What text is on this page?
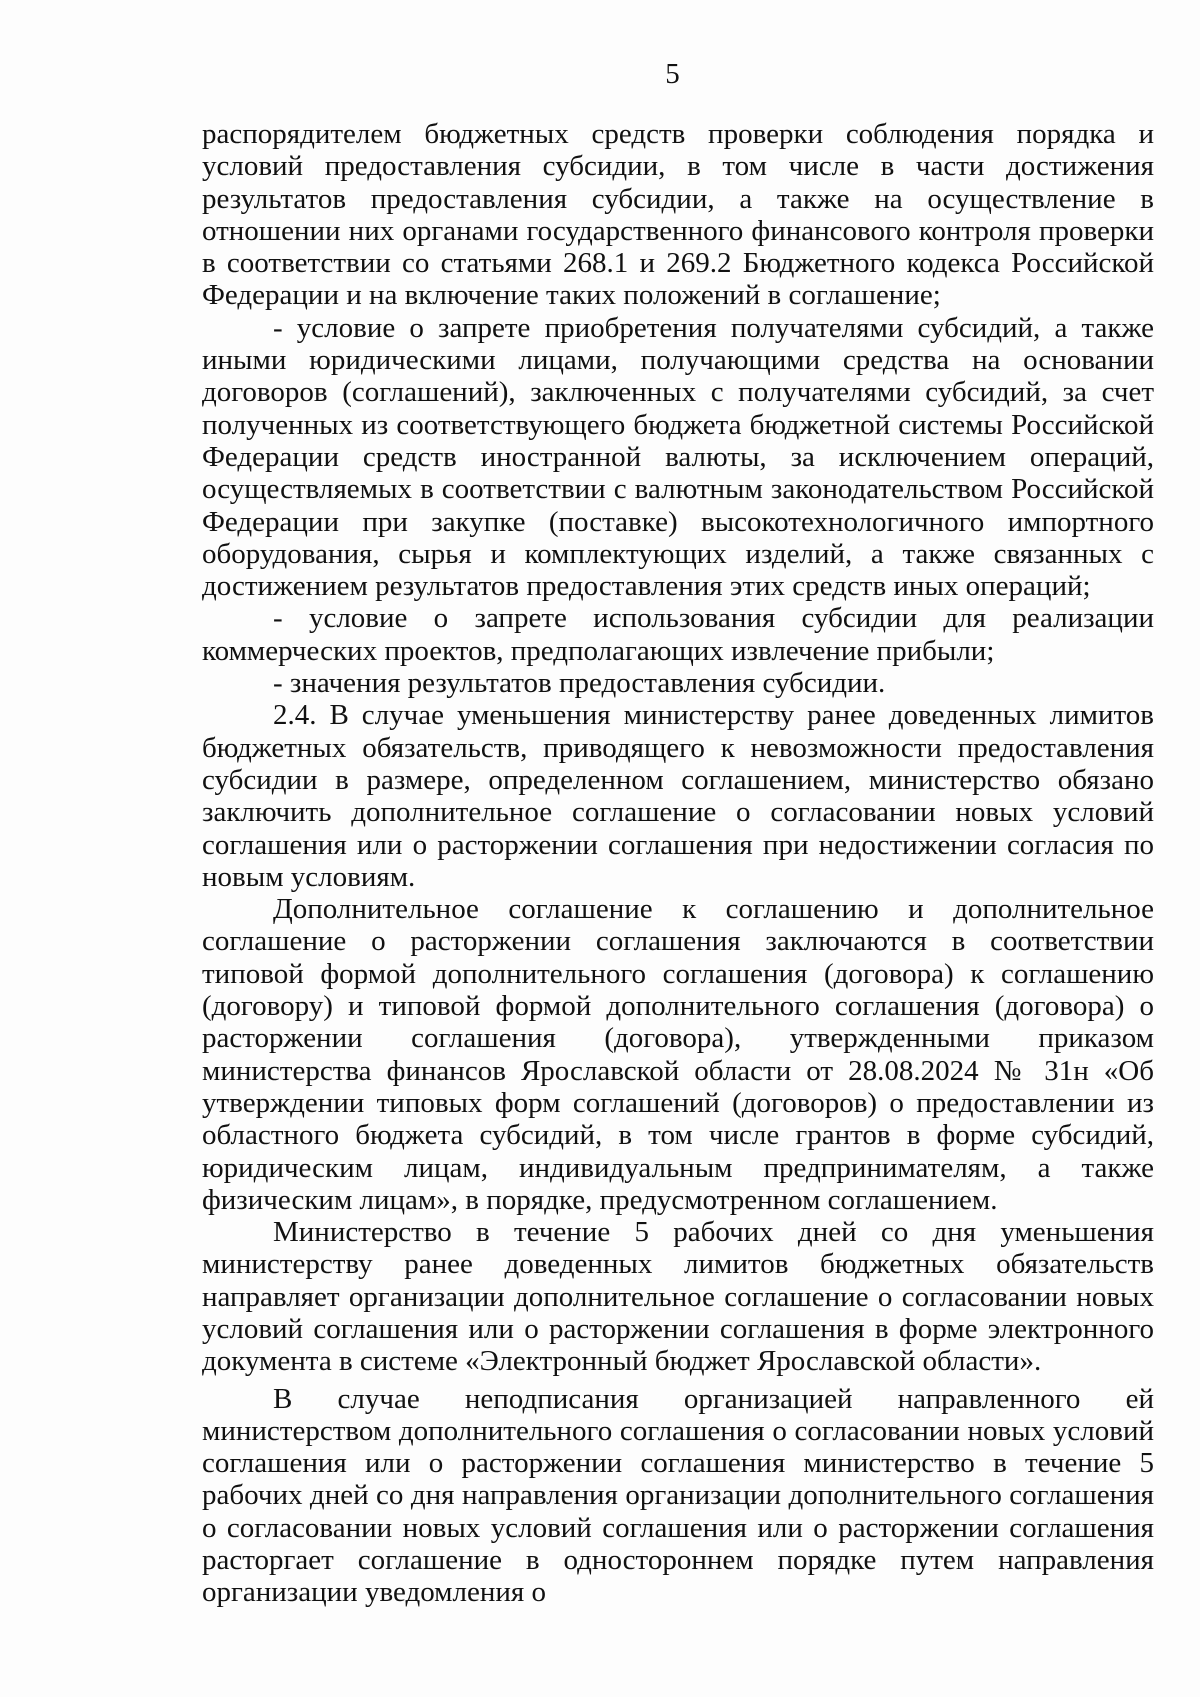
5

распорядителем бюджетных средств проверки соблюдения порядка и условий предоставления субсидии, в том числе в части достижения результатов предоставления субсидии, а также на осуществление в отношении них органами государственного финансового контроля проверки в соответствии со статьями 268.1 и 269.2 Бюджетного кодекса Российской Федерации и на включение таких положений в соглашение;

- условие о запрете приобретения получателями субсидий, а также иными юридическими лицами, получающими средства на основании договоров (соглашений), заключенных с получателями субсидий, за счет полученных из соответствующего бюджета бюджетной системы Российской Федерации средств иностранной валюты, за исключением операций, осуществляемых в соответствии с валютным законодательством Российской Федерации при закупке (поставке) высокотехнологичного импортного оборудования, сырья и комплектующих изделий, а также связанных с достижением результатов предоставления этих средств иных операций;

- условие о запрете использования субсидии для реализации коммерческих проектов, предполагающих извлечение прибыли;

- значения результатов предоставления субсидии.

2.4. В случае уменьшения министерству ранее доведенных лимитов бюджетных обязательств, приводящего к невозможности предоставления субсидии в размере, определенном соглашением, министерство обязано заключить дополнительное соглашение о согласовании новых условий соглашения или о расторжении соглашения при недостижении согласия по новым условиям.

Дополнительное соглашение к соглашению и дополнительное соглашение о расторжении соглашения заключаются в соответствии типовой формой дополнительного соглашения (договора) к соглашению (договору) и типовой формой дополнительного соглашения (договора) о расторжении соглашения (договора), утвержденными приказом министерства финансов Ярославской области от 28.08.2024 № 31н «Об утверждении типовых форм соглашений (договоров) о предоставлении из областного бюджета субсидий, в том числе грантов в форме субсидий, юридическим лицам, индивидуальным предпринимателям, а также физическим лицам», в порядке, предусмотренном соглашением.

Министерство в течение 5 рабочих дней со дня уменьшения министерству ранее доведенных лимитов бюджетных обязательств направляет организации дополнительное соглашение о согласовании новых условий соглашения или о расторжении соглашения в форме электронного документа в системе «Электронный бюджет Ярославской области».

В случае неподписания организацией направленного ей министерством дополнительного соглашения о согласовании новых условий соглашения или о расторжении соглашения министерство в течение 5 рабочих дней со дня направления организации дополнительного соглашения о согласовании новых условий соглашения или о расторжении соглашения расторгает соглашение в одностороннем порядке путем направления организации уведомления о
